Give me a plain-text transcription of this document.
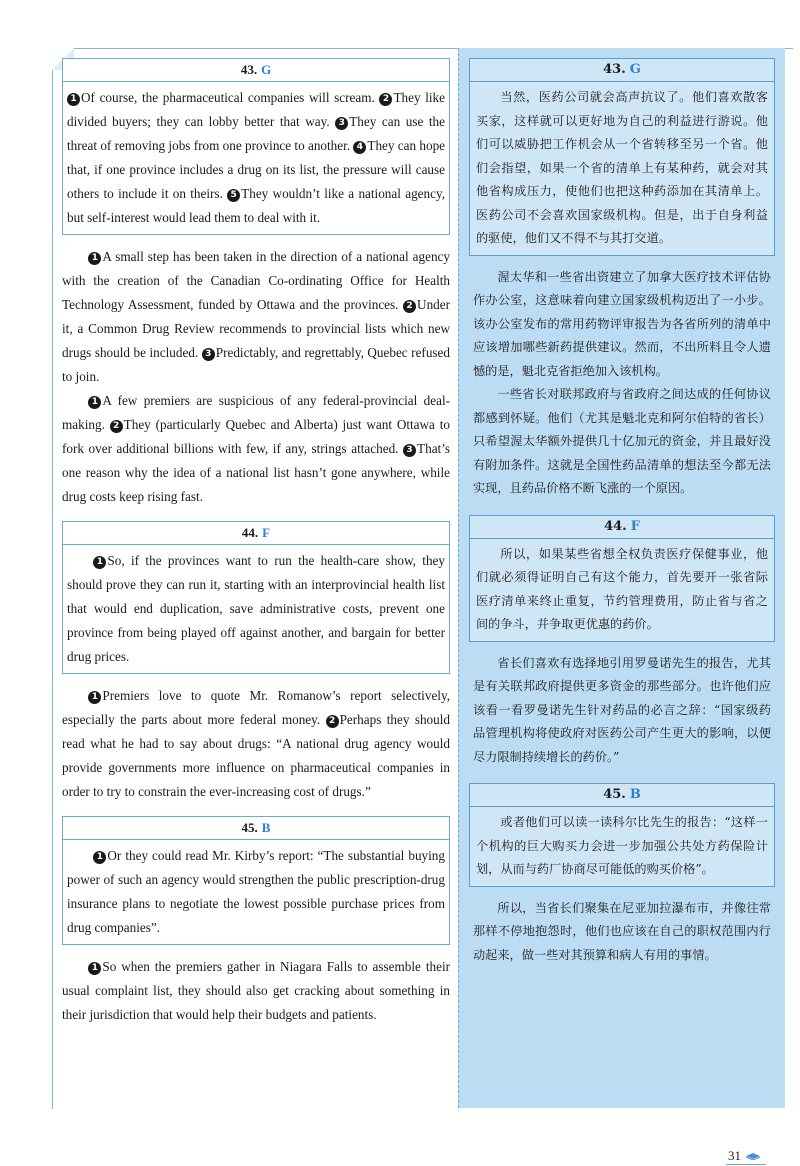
43. G

1 Of course, the pharmaceutical companies will scream. 2 They like divided buyers; they can lobby better that way. 3 They can use the threat of removing jobs from one province to another. 4 They can hope that, if one province includes a drug on its list, the pressure will cause others to include it on theirs. 5 They wouldn’t like a national agency, but self-interest would lead them to deal with it.

1 A small step has been taken in the direction of a national agency with the creation of the Canadian Co-ordinating Office for Health Technology Assessment, funded by Ottawa and the provinces. 2 Under it, a Common Drug Review recommends to provincial lists which new drugs should be included. 3 Predictably, and regrettably, Quebec refused to join.

1 A few premiers are suspicious of any federal-provincial deal-making. 2 They (particularly Quebec and Alberta) just want Ottawa to fork over additional billions with few, if any, strings attached. 3 That’s one reason why the idea of a national list hasn’t gone anywhere, while drug costs keep rising fast.

44. F

1 So, if the provinces want to run the health-care show, they should prove they can run it, starting with an interprovincial health list that would end duplication, save administrative costs, prevent one province from being played off against another, and bargain for better drug prices.

1 Premiers love to quote Mr. Romanow’s report selectively, especially the parts about more federal money. 2 Perhaps they should read what he had to say about drugs: “A national drug agency would provide governments more influence on pharmaceutical companies in order to try to constrain the ever-increasing cost of drugs.”

45. B

1 Or they could read Mr. Kirby’s report: “The substantial buying power of such an agency would strengthen the public prescription-drug insurance plans to negotiate the lowest possible purchase prices from drug companies”.

1 So when the premiers gather in Niagara Falls to assemble their usual complaint list, they should also get cracking about something in their jurisdiction that would help their budgets and patients.

43. G

当然，医药公司就会高声抗议了。他们喜欢散客买家，这样就可以更好地为自己的利益进行游说。他们可以威胁把工作机会从一个省转移至另一个省。他们会指望，如果一个省的清单上有某种药，就会对其他省构成压力，使他们也把这种药添加在其清单上。医药公司不会喜欢国家级机构。但是，出于自身利益的驱使，他们又不得不与其打交道。

渥太华和一些省出资建立了加拿大医疗技术评估协作办公室，这意味着向建立国家级机构迈出了一小步。该办公室发布的常用药物评审报告为各省所列的清单中应该增加哪些新药提供建议。然而，不出所料且令人遗憾的是，魁北克省拒绝加入该机构。

一些省长对联邦政府与省政府之间达成的任何协议都感到怀疑。他们（尤其是魁北克和阿尔伯特的省长）只希望渥太华额外提供几十亿加元的资金，并且最好没有附加条件。这就是全国性药品清单的想法至今都无法实现，且药品价格不断飞涨的一个原因。

44. F

所以，如果某些省想全权负责医疗保健事业，他们就必须得证明自己有这个能力，首先要开一张省际医疗清单来终止重复，节约管理费用，防止省与省之间的争斗，并争取更优惠的药价。

省长们喜欢有选择地引用罗曼诺先生的报告，尤其是有关联邦政府提供更多资金的那些部分。也许他们应该看一看罗曼诺先生针对药品的必言之辞：“国家级药品管理机构将使政府对医药公司产生更大的影响，以便尽力限制持续增长的药价。”

45. B

或者他们可以读一读科尔比先生的报告：“这样一个机构的巨大购买力会进一步加强公共处方药保险计划，从而与药厂协商尽可能低的购买价格”。

所以，当省长们聚集在尼亚加拉瀑布市，并像往常那样不停地抱怨时，他们也应该在自己的职权范围内行动起来，做一些对其预算和病人有用的事情。

31
